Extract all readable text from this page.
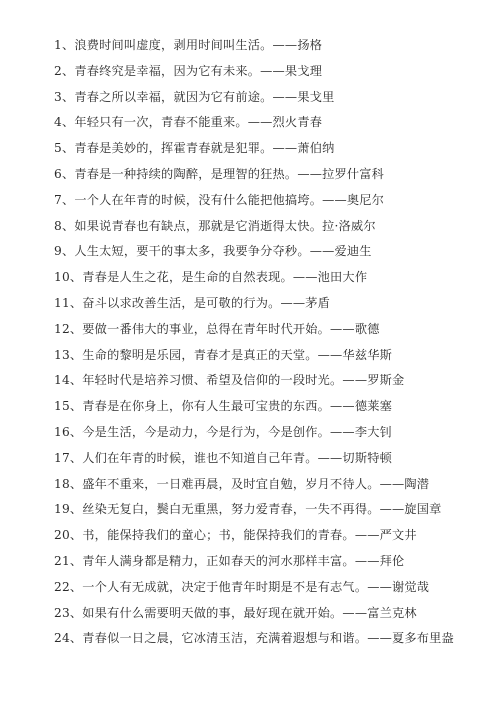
1、浪费时间叫虚度，剥用时间叫生活。——扬格
2、青春终究是幸福，因为它有未来。——果戈理
3、青春之所以幸福，就因为它有前途。——果戈里
4、年轻只有一次，青春不能重来。——烈火青春
5、青春是美妙的，挥霍青春就是犯罪。——萧伯纳
6、青春是一种持续的陶醉，是理智的狂热。——拉罗什富科
7、一个人在年青的时候，没有什么能把他搞垮。——奥尼尔
8、如果说青春也有缺点，那就是它消逝得太快。拉·洛威尔
9、人生太短，要干的事太多，我要争分夺秒。——爱迪生
10、青春是人生之花，是生命的自然表现。——池田大作
11、奋斗以求改善生活，是可敬的行为。——茅盾
12、要做一番伟大的事业，总得在青年时代开始。——歌德
13、生命的黎明是乐园，青春才是真正的天堂。——华兹华斯
14、年轻时代是培养习惯、希望及信仰的一段时光。——罗斯金
15、青春是在你身上，你有人生最可宝贵的东西。——德莱塞
16、今是生活，今是动力，今是行为，今是创作。——李大钊
17、人们在年青的时候，谁也不知道自己年青。——切斯特顿
18、盛年不重来，一日难再晨，及时宜自勉，岁月不待人。——陶潜
19、丝染无复白，鬓白无重黑，努力爱青春，一失不再得。——旋国章
20、书，能保持我们的童心；书，能保持我们的青春。——严文井
21、青年人满身都是精力，正如春天的河水那样丰富。——拜伦
22、一个人有无成就，决定于他青年时期是不是有志气。——谢觉哉
23、如果有什么需要明天做的事，最好现在就开始。——富兰克林
24、青春似一日之晨，它冰清玉洁，充满着遐想与和谐。——夏多布里盎
